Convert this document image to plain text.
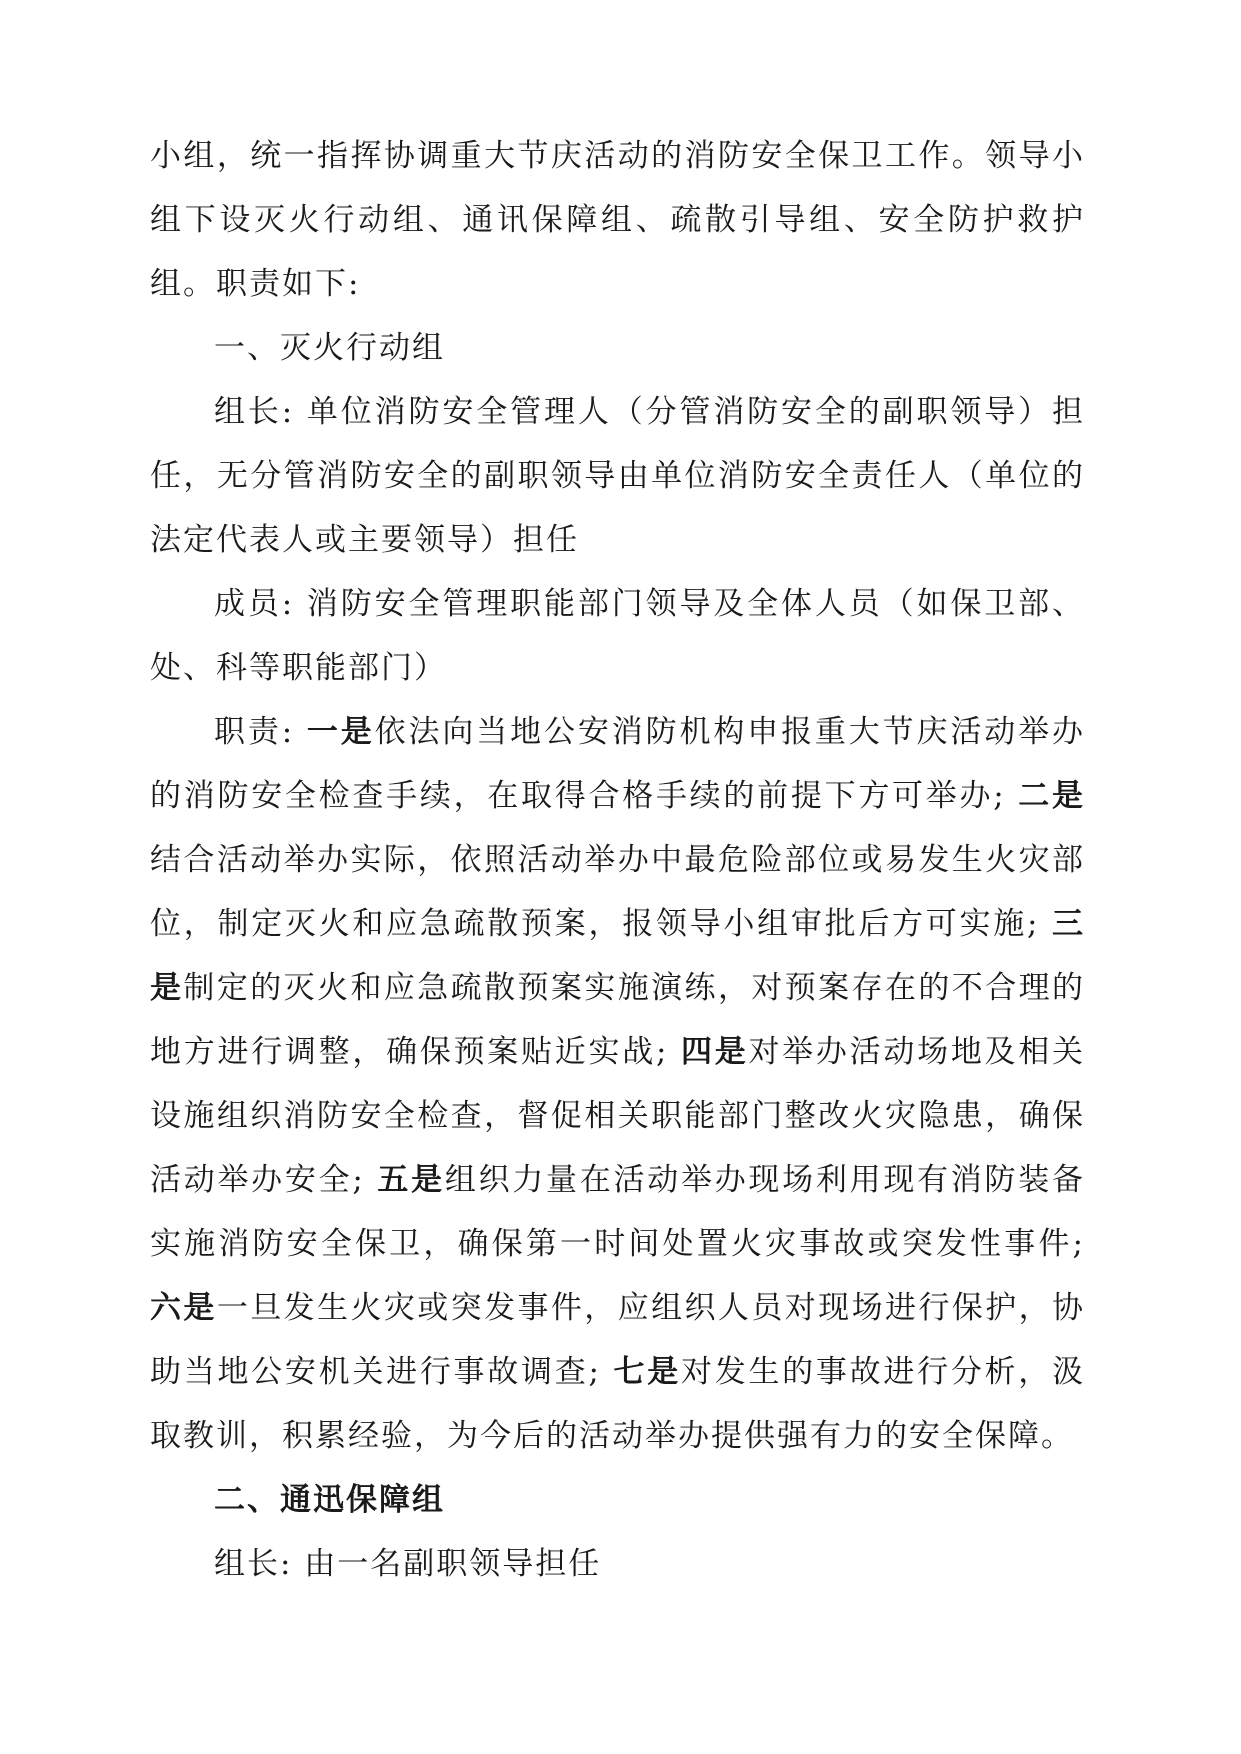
小组，统一指挥协调重大节庆活动的消防安全保卫工作。领导小组下设灭火行动组、通讯保障组、疏散引导组、安全防护救护组。职责如下:

一、灭火行动组

组长: 单位消防安全管理人（分管消防安全的副职领导）担任，无分管消防安全的副职领导由单位消防安全责任人（单位的法定代表人或主要领导）担任

成员: 消防安全管理职能部门领导及全体人员（如保卫部、处、科等职能部门）

职责: 一是依法向当地公安消防机构申报重大节庆活动举办的消防安全检查手续，在取得合格手续的前提下方可举办; 二是结合活动举办实际，依照活动举办中最危险部位或易发生火灾部位，制定灭火和应急疏散预案，报领导小组审批后方可实施; 三是制定的灭火和应急疏散预案实施演练，对预案存在的不合理的地方进行调整，确保预案贴近实战; 四是对举办活动场地及相关设施组织消防安全检查，督促相关职能部门整改火灾隐患，确保活动举办安全; 五是组织力量在活动举办现场利用现有消防装备实施消防安全保卫，确保第一时间处置火灾事故或突发性事件; 六是一旦发生火灾或突发事件，应组织人员对现场进行保护，协助当地公安机关进行事故调查; 七是对发生的事故进行分析，汲取教训，积累经验，为今后的活动举办提供强有力的安全保障。

二、通迅保障组

组长: 由一名副职领导担任
